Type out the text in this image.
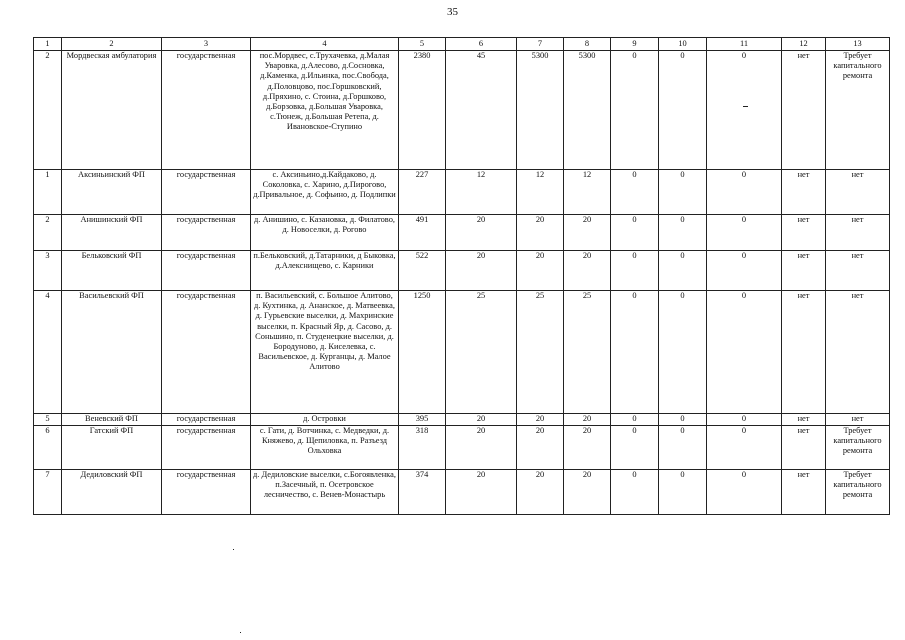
35
1	2	3	4	5	6	7	8	9	10	11	12	13
2	Мордвеская амбулатория	государственная	пос.Мордвес, с.Трухачевка, д.Малая Уваровка, д.Алесово, д.Сосновка, д.Каменка, д.Ильинка, пос.Свобода, д.Половцово, пос.Горшковский, д.Пряхино, с. Стоина, д.Горшково, д.Борзовка, д.Большая Уваровка, с.Тюнеж, д.Большая Ретепа, д. Ивановское-Ступино	2380	45	5300	5300	0	0	0	нет	Требует капитального ремонта
1	Аксиньинский ФП	государственная	с. Аксиньино,д.Кайдаково, д. Соколовка, с. Харино, д.Пирогово, д.Привальное, д. Софьино, д. Подлипки	227	12	12	12	0	0	0	нет	нет
2	Анишинский ФП	государственная	д. Анишино, с. Казановка, д. Филатово, д. Новоселки, д. Рогово	491	20	20	20	0	0	0	нет	нет
3	Бельковский ФП	государственная	п.Бельковский, д.Татарники, д Быковка, д.Алекснищево, с. Карники	522	20	20	20	0	0	0	нет	нет
4	Васильевский ФП	государственная	п. Васильевский, с. Большое Алитово, д. Кухтинка, д. Ананское, д. Матвеевка, д. Гурьевские выселки, д. Махринские выселки, п. Красный Яр, д. Сасово, д. Соньшино, п. Студенецкие выселки, д. Бородуново, д. Киселевка, с. Васильевское, д. Курганцы, д. Малое Алитово	1250	25	25	25	0	0	0	нет	нет
5	Веневский ФП	государственная	д. Островки	395	20	20	20	0	0	0	нет	нет
6	Гатский ФП	государственная	с. Гати, д. Вотчинка, с. Медведки, д. Княжево, д. Щепиловка, п. Разъезд Ольховка	318	20	20	20	0	0	0	нет	Требует капитального ремонта
7	Дедиловский ФП	государственная	д. Дедиловские выселки, с.Богоявленка, п.Засечный, п. Осетровское лесничество, с. Венев-Монастырь	374	20	20	20	0	0	0	нет	Требует капитального ремонта
